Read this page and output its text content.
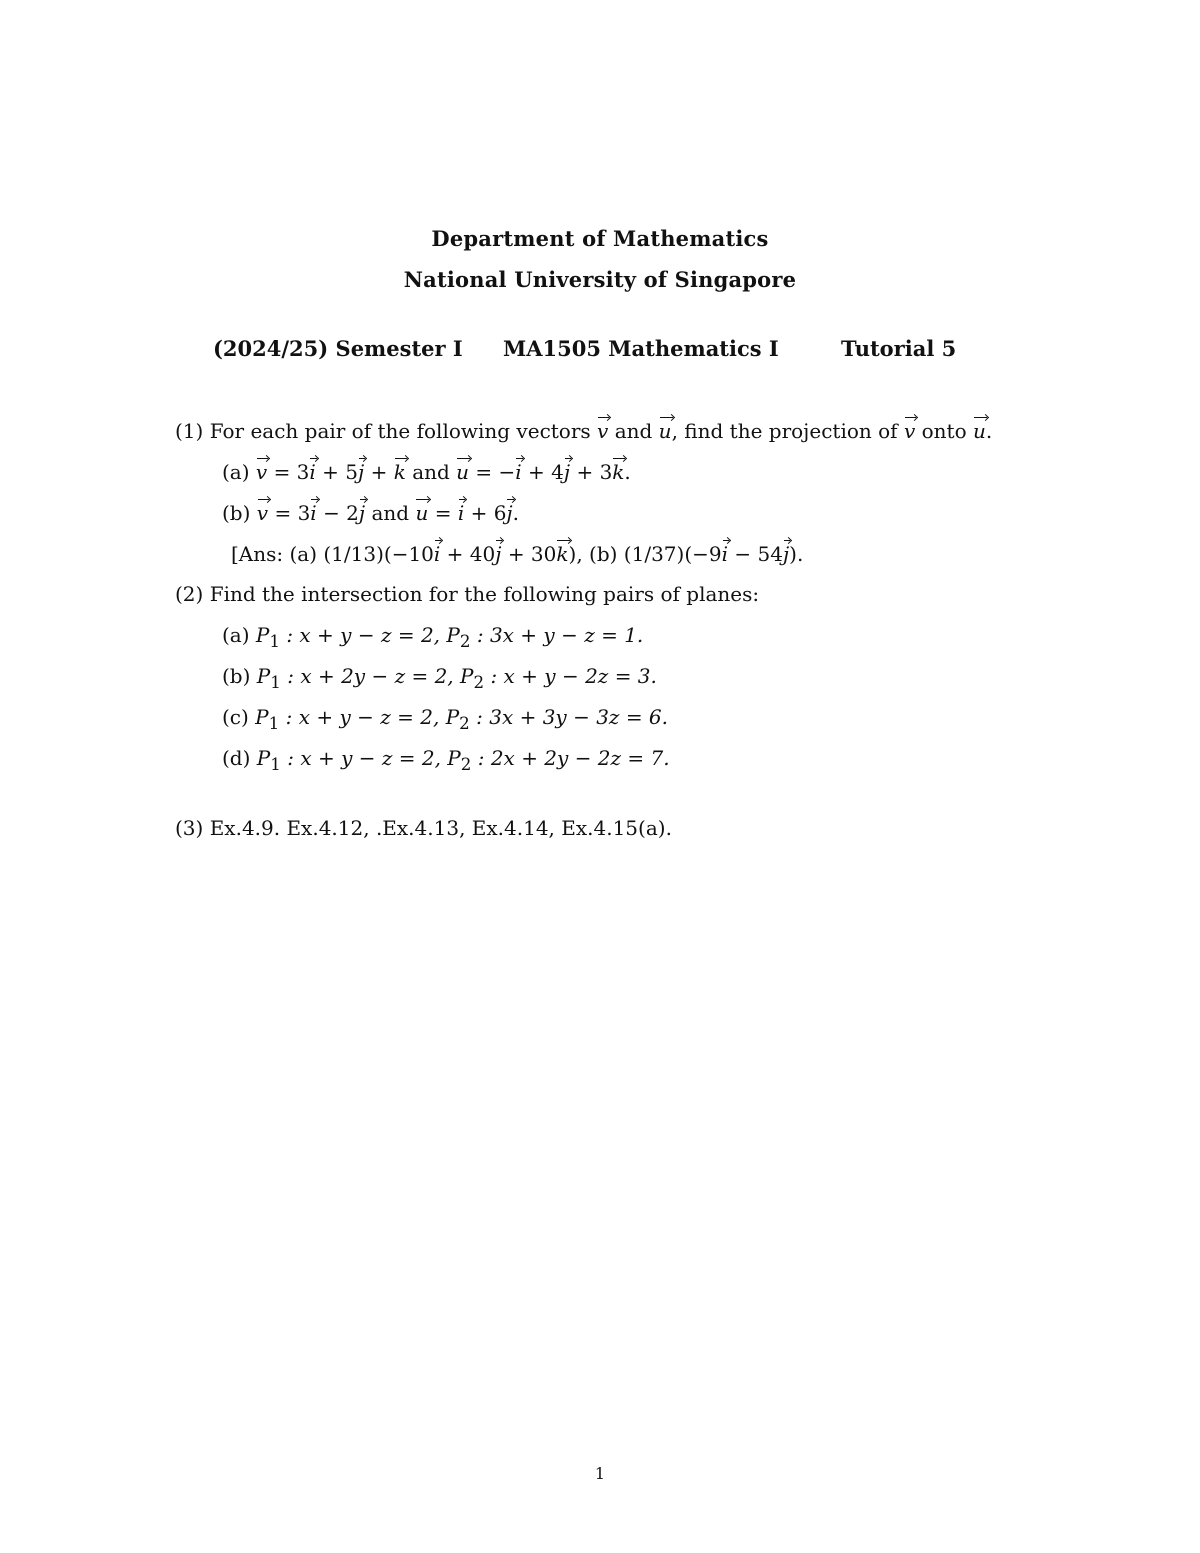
Department of Mathematics
National University of Singapore
(2024/25) Semester I MA1505 Mathematics I	Tutorial 5
(1) For each pair of the following vectors v and u, find the projection of v onto u.
(a) v = 3i + 5j + k and u = −i + 4j + 3k.
(b) v = 3i − 2j and u = i + 6j.
[Ans: (a) (1/13)(−10i + 40j + 30k), (b) (1/37)(−9i − 54j).
(2) Find the intersection for the following pairs of planes:
(a) $P_1$ : x + y − z = 2, $P_2$ : 3x + y − z = 1.
(b) $P_1$ : x + 2y − z = 2, $P_2$ : x + y − 2z = 3.
(c) $P_1$ : x + y − z = 2, $P_2$ : 3x + 3y − 3z = 6.
(d) $P_1$ : x + y − z = 2, $P_2$ : 2x + 2y − 2z = 7.
(3) Ex.4.9. Ex.4.12, .Ex.4.13, Ex.4.14, Ex.4.15(a).
1
